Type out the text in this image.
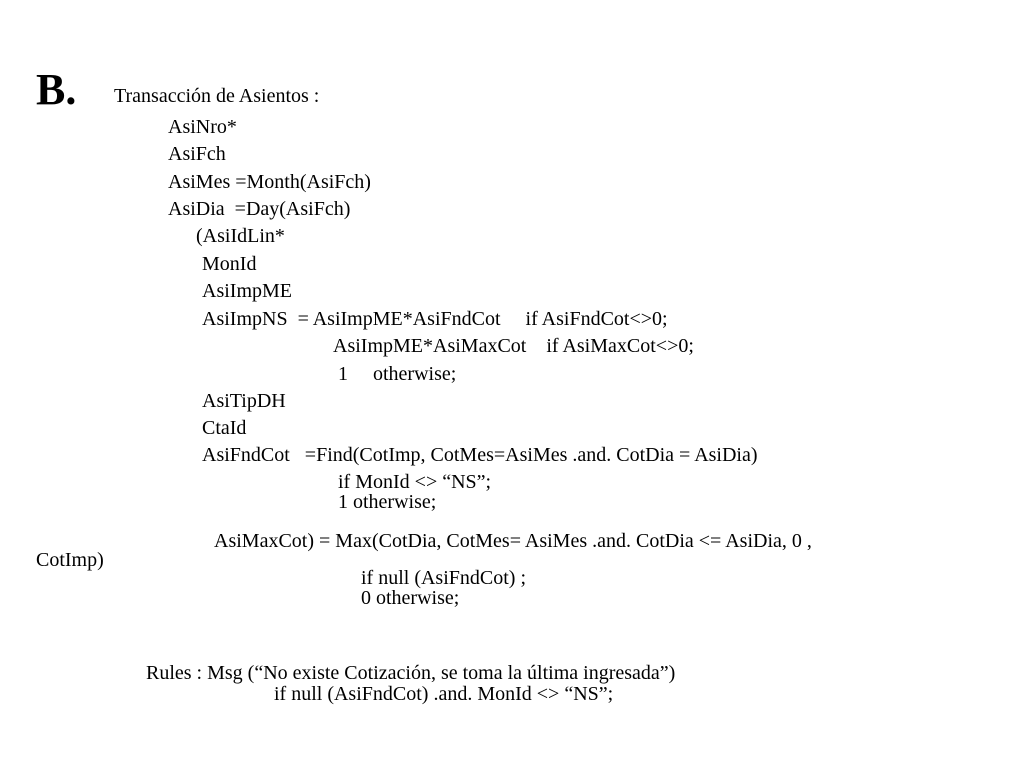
B. Transacción de Asientos :
AsiNro*
AsiFch
AsiMes =Month(AsiFch)
AsiDia  =Day(AsiFch)
(AsiIdLin*
MonId
AsiImpME
AsiImpNS  = AsiImpME*AsiFndCot     if AsiFndCot<>0;
AsiImpME*AsiMaxCot    if AsiMaxCot<>0;
1     otherwise;
AsiTipDH
CtaId
AsiFndCot   =Find(CotImp, CotMes=AsiMes .and. CotDia = AsiDia)
if MonId <> “NS”;
1 otherwise;
AsiMaxCot) = Max(CotDia, CotMes= AsiMes .and. CotDia <= AsiDia, 0 ,
CotImp)
if null (AsiFndCot) ;
0 otherwise;
Rules : Msg (“No existe Cotización, se toma la última ingresada”)
if null (AsiFndCot) .and. MonId <> “NS”;
